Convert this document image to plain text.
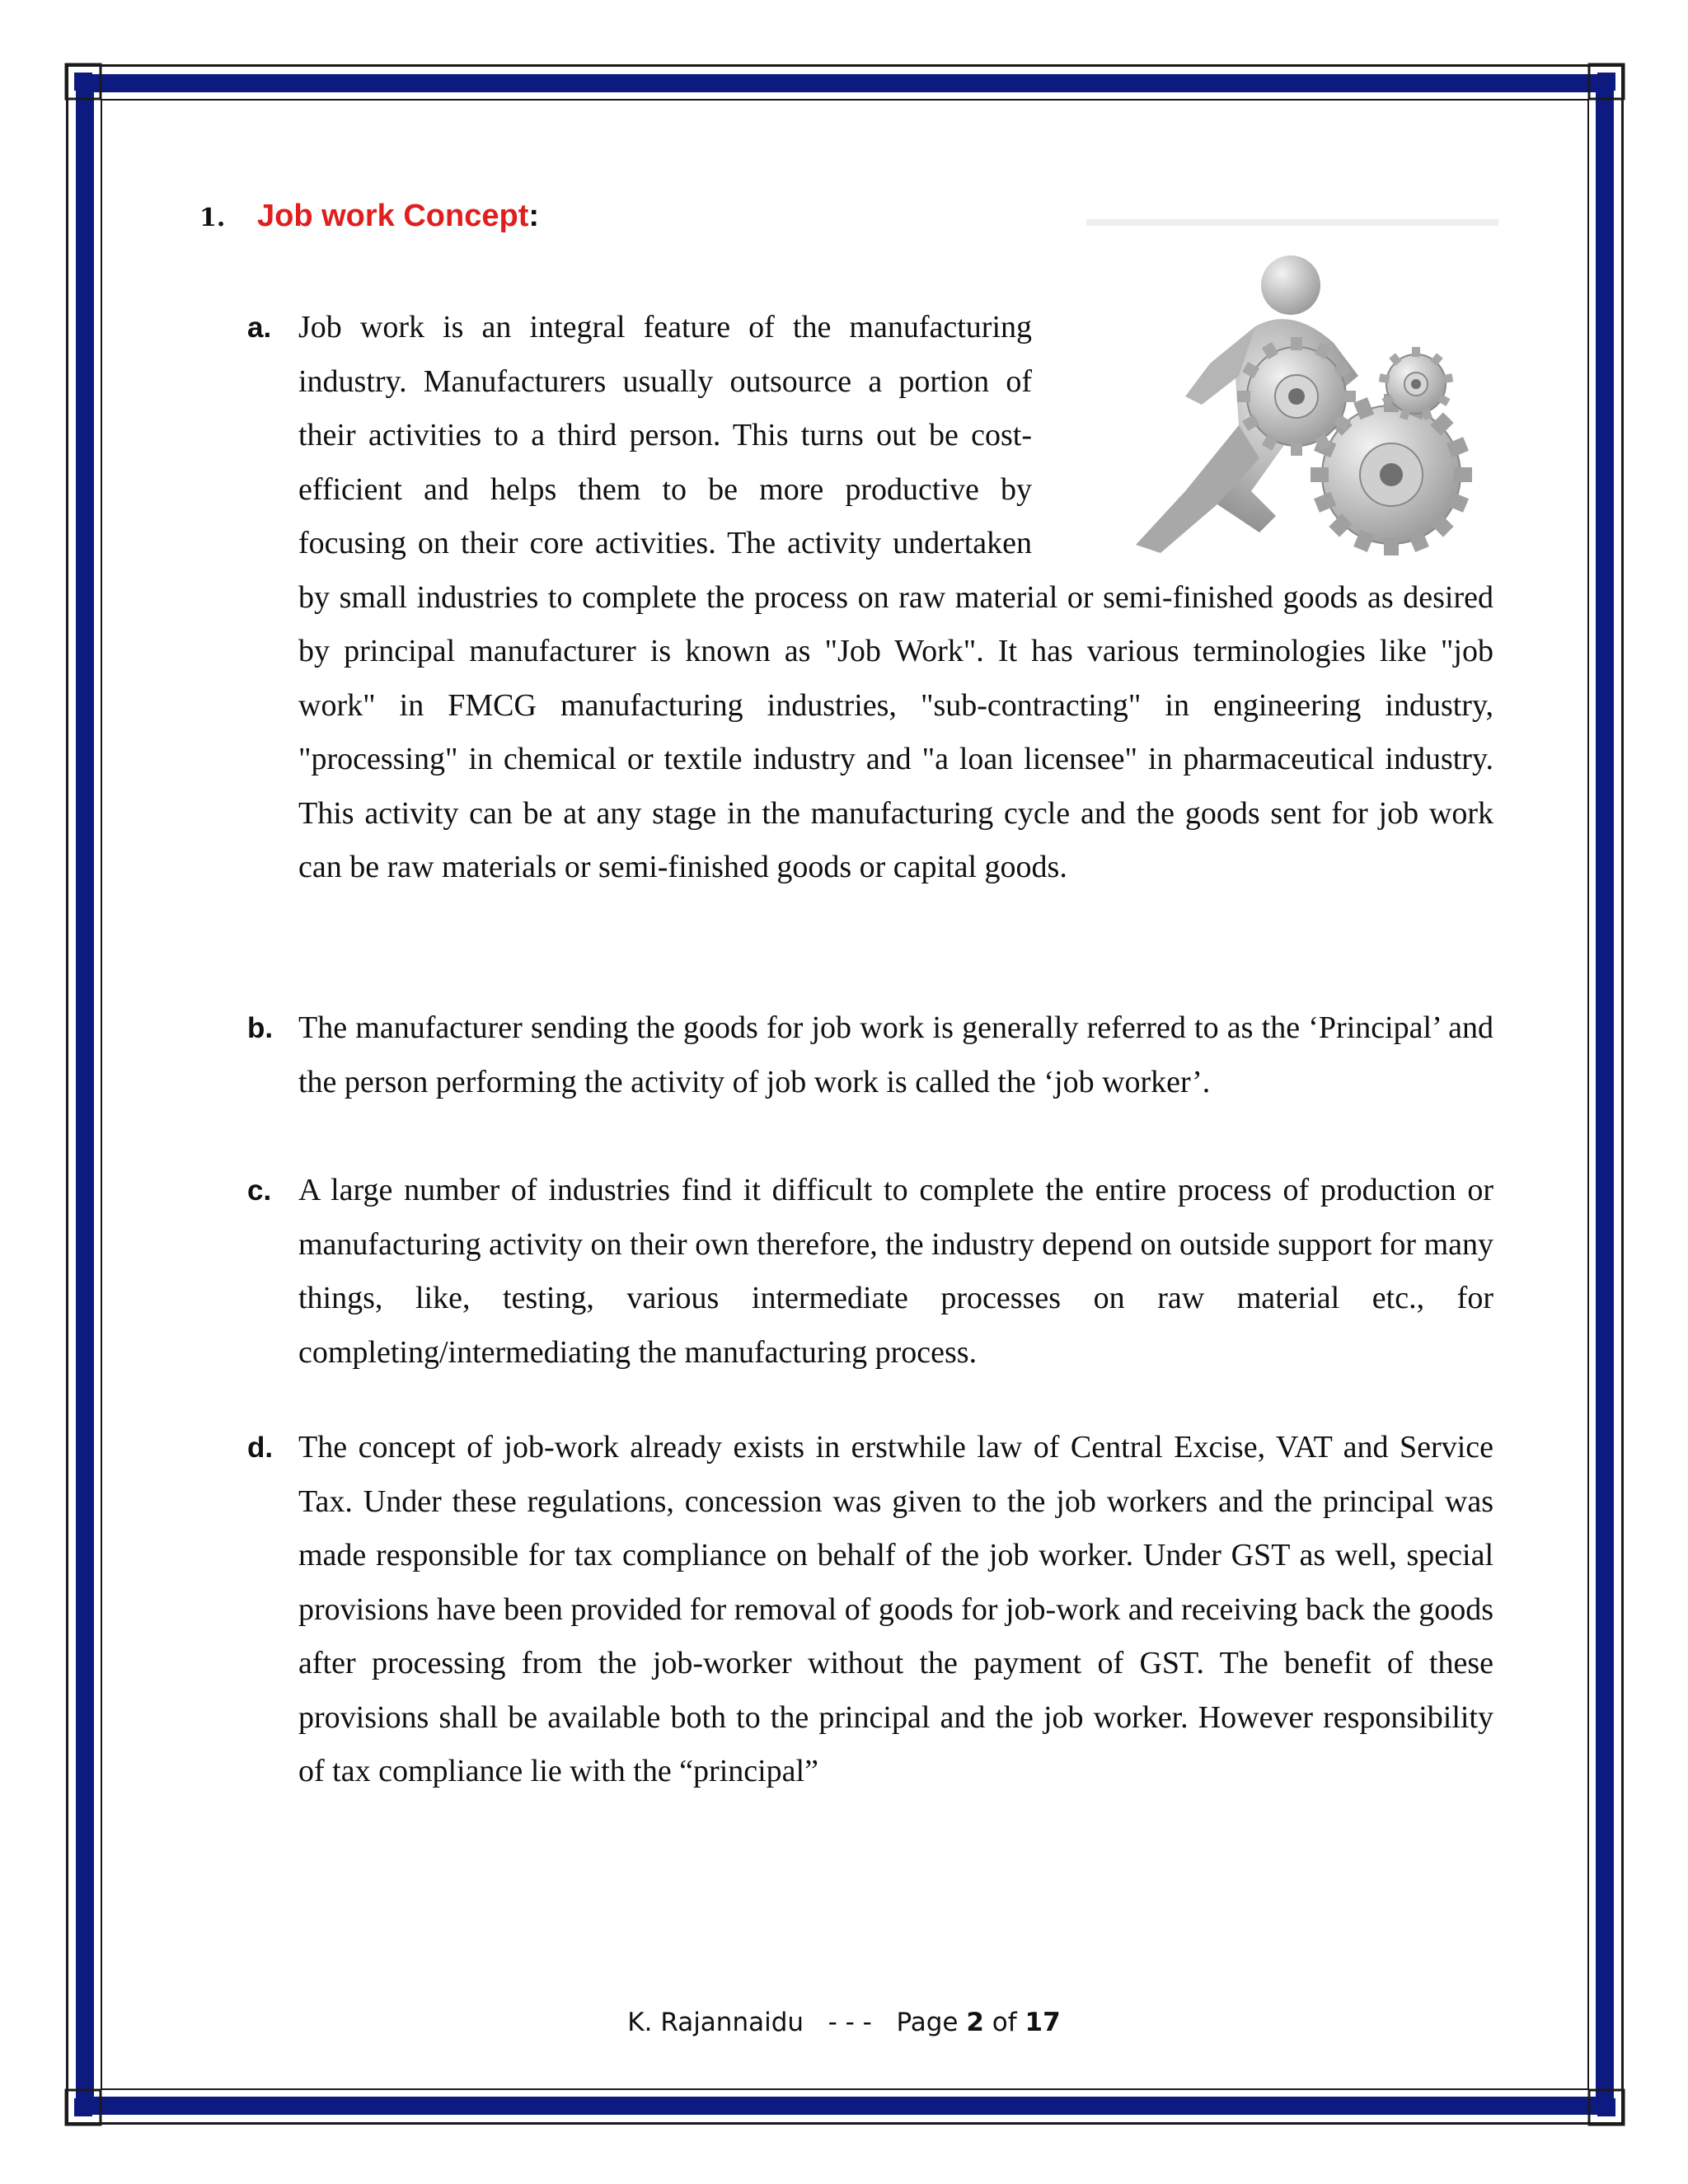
1. Job work Concept:
a. Job work is an integral feature of the manufacturing industry. Manufacturers usually outsource a portion of their activities to a third person. This turns out be cost-efficient and helps them to be more productive by focusing on their core activities. The activity undertaken by small industries to complete the process on raw material or semi-finished goods as desired by principal manufacturer is known as "Job Work". It has various terminologies like "job work" in FMCG manufacturing industries, "sub-contracting" in engineering industry, "processing" in chemical or textile industry and "a loan licensee" in pharmaceutical industry. This activity can be at any stage in the manufacturing cycle and the goods sent for job work can be raw materials or semi-finished goods or capital goods.
b. The manufacturer sending the goods for job work is generally referred to as the ‘Principal’ and the person performing the activity of job work is called the ‘job worker’.
c. A large number of industries find it difficult to complete the entire process of production or manufacturing activity on their own therefore, the industry depend on outside support for many things, like, testing, various intermediate processes on raw material etc., for completing/intermediating the manufacturing process.
d. The concept of job-work already exists in erstwhile law of Central Excise, VAT and Service Tax. Under these regulations, concession was given to the job workers and the principal was made responsible for tax compliance on behalf of the job worker. Under GST as well, special provisions have been provided for removal of goods for job-work and receiving back the goods after processing from the job-worker without the payment of GST. The benefit of these provisions shall be available both to the principal and the job worker. However responsibility of tax compliance lie with the “principal”
K. Rajannaidu - - - Page 2 of 17
